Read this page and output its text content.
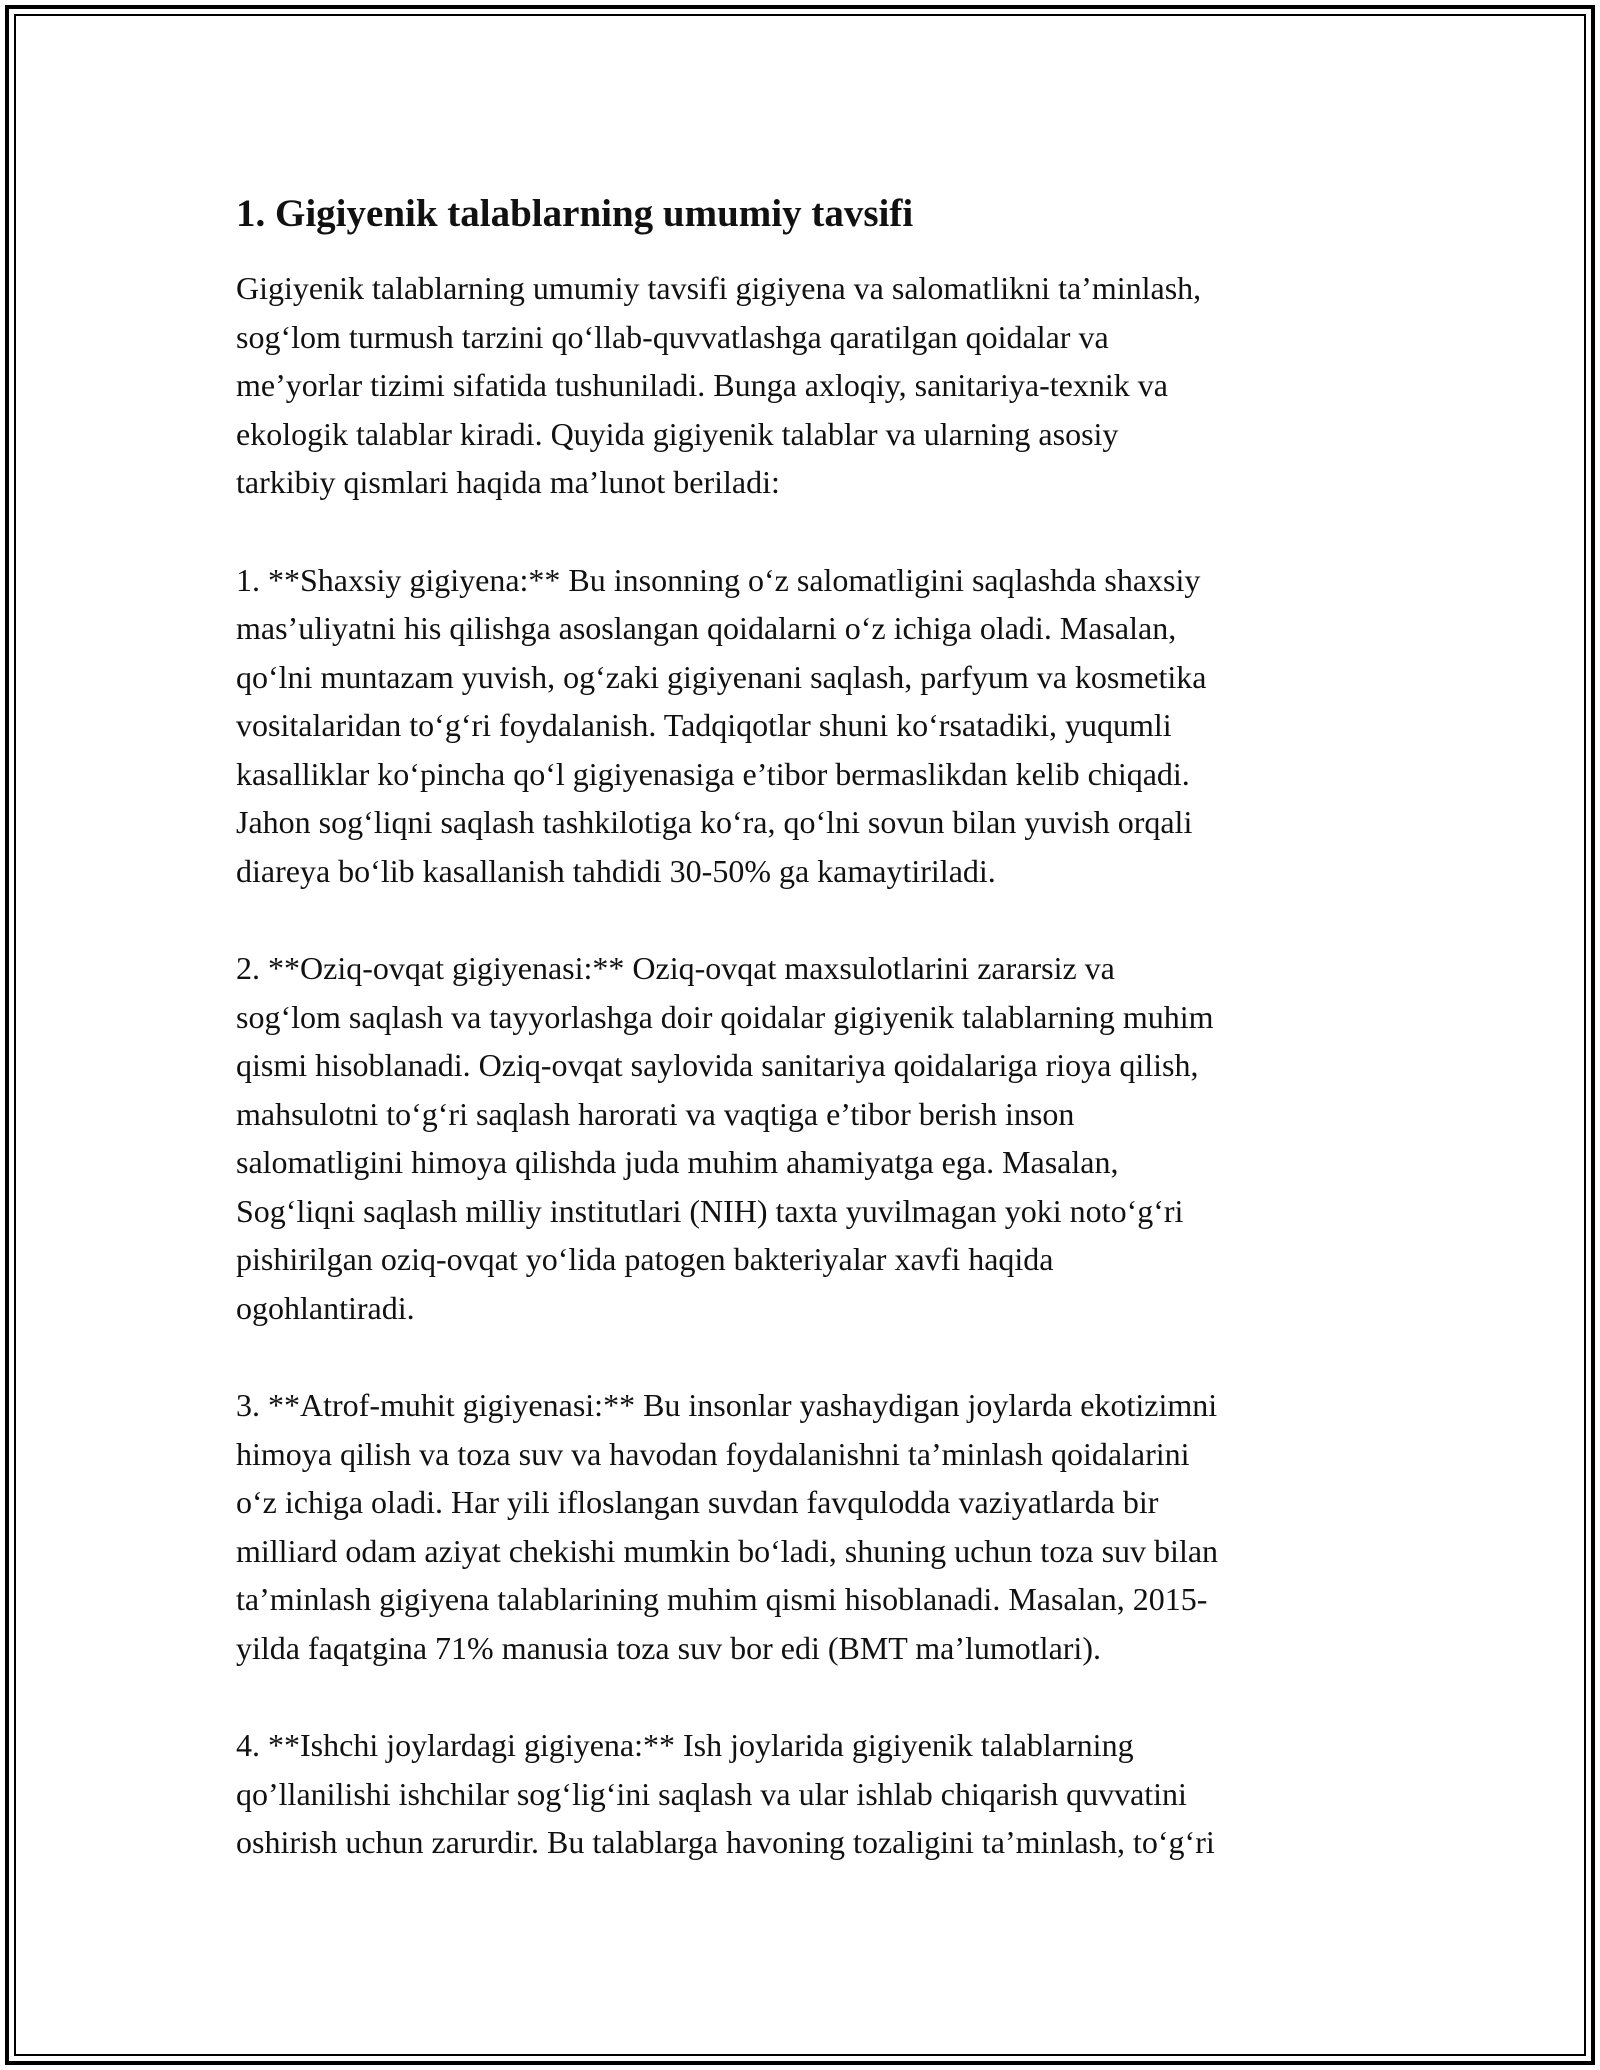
1. Gigiyenik talablarning umumiy tavsifi

Gigiyenik talablarning umumiy tavsifi gigiyena va salomatlikni ta’minlash,
sog‘lom turmush tarzini qo‘llab-quvvatlashga qaratilgan qoidalar va
me’yorlar tizimi sifatida tushuniladi. Bunga axloqiy, sanitariya-texnik va
ekologik talablar kiradi. Quyida gigiyenik talablar va ularning asosiy
tarkibiy qismlari haqida ma’lunot beriladi:

1. **Shaxsiy gigiyena:** Bu insonning o‘z salomatligini saqlashda shaxsiy
mas’uliyatni his qilishga asoslangan qoidalarni o‘z ichiga oladi. Masalan,
qo‘lni muntazam yuvish, og‘zaki gigiyenani saqlash, parfyum va kosmetika
vositalaridan to‘g‘ri foydalanish. Tadqiqotlar shuni ko‘rsatadiki, yuqumli
kasalliklar ko‘pincha qo‘l gigiyenasiga e’tibor bermaslikdan kelib chiqadi.
Jahon sog‘liqni saqlash tashkilotiga ko‘ra, qo‘lni sovun bilan yuvish orqali
diareya bo‘lib kasallanish tahdidi 30-50% ga kamaytiriladi.

2. **Oziq-ovqat gigiyenasi:** Oziq-ovqat maxsulotlarini zararsiz va
sog‘lom saqlash va tayyorlashga doir qoidalar gigiyenik talablarning muhim
qismi hisoblanadi. Oziq-ovqat saylovida sanitariya qoidalariga rioya qilish,
mahsulotni to‘g‘ri saqlash harorati va vaqtiga e’tibor berish inson
salomatligini himoya qilishda juda muhim ahamiyatga ega. Masalan,
Sog‘liqni saqlash milliy institutlari (NIH) taxta yuvilmagan yoki noto‘g‘ri
pishirilgan oziq-ovqat yo‘lida patogen bakteriyalar xavfi haqida
ogohlantiradi.

3. **Atrof-muhit gigiyenasi:** Bu insonlar yashaydigan joylarda ekotizimni
himoya qilish va toza suv va havodan foydalanishni ta’minlash qoidalarini
o‘z ichiga oladi. Har yili ifloslangan suvdan favqulodda vaziyatlarda bir
milliard odam aziyat chekishi mumkin bo‘ladi, shuning uchun toza suv bilan
ta’minlash gigiyena talablarining muhim qismi hisoblanadi. Masalan, 2015-
yilda faqatgina 71% manusia toza suv bor edi (BMT ma’lumotlari).

4. **Ishchi joylardagi gigiyena:** Ish joylarida gigiyenik talablarning
qo’llanilishi ishchilar sog‘lig‘ini saqlash va ular ishlab chiqarish quvvatini
oshirish uchun zarurdir. Bu talablarga havoning tozaligini ta’minlash, to‘g‘ri
